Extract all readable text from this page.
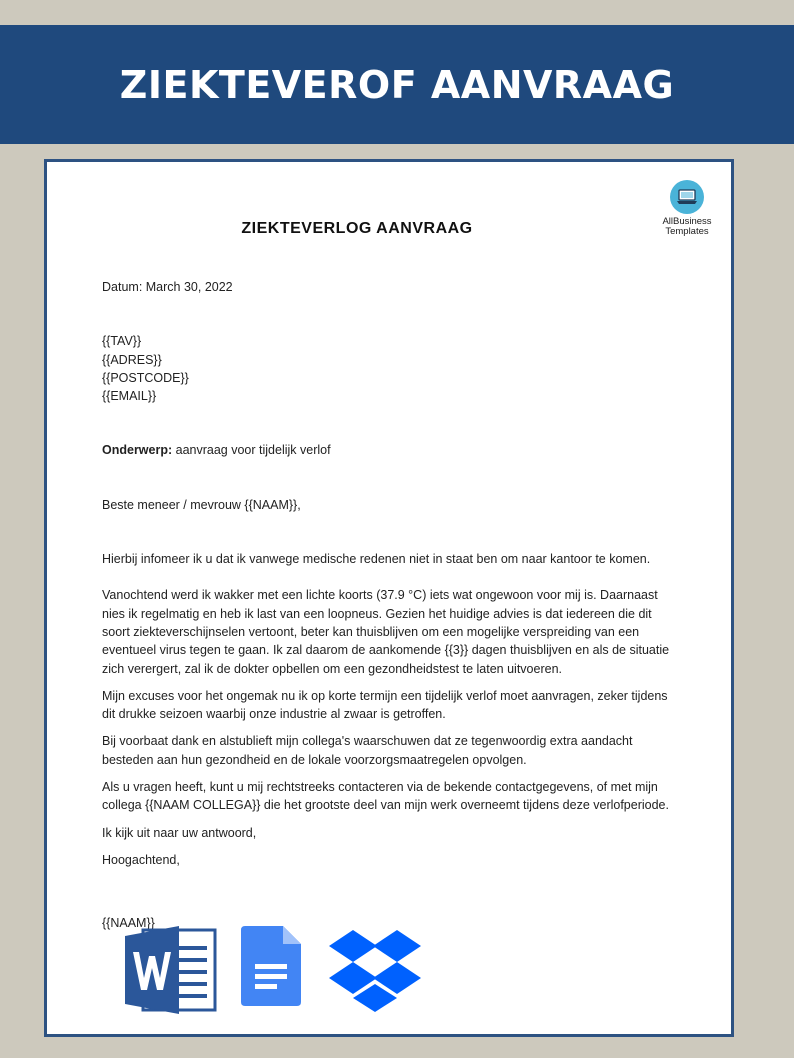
ZIEKTEVEROF AANVRAAG
AllBusiness
Templates
ZIEKTEVERLOG AANVRAAG

Datum: March 30, 2022

{{TAV}}

{{ADRES}}

{{POSTCODE}}

{{EMAIL}}

Onderwerp: aanvraag voor tijdelijk verlof

Beste meneer / mevrouw {{NAAM}},

Hierbij infomeer ik u dat ik vanwege medische redenen niet in staat ben om naar kantoor te komen.

Vanochtend werd ik wakker met een lichte koorts (37.9 °C) iets wat ongewoon voor mij is. Daarnaast nies ik regelmatig en heb ik last van een loopneus. Gezien het huidige advies is dat iedereen die dit soort ziekteverschijnselen vertoont, beter kan thuisblijven om een mogelijke verspreiding van een eventueel virus tegen te gaan. Ik zal daarom de aankomende {{3}} dagen thuisblijven en als de situatie zich verergert, zal ik de dokter opbellen om een gezondheidstest te laten uitvoeren.

Mijn excuses voor het ongemak nu ik op korte termijn een tijdelijk verlof moet aanvragen, zeker tijdens dit drukke seizoen waarbij onze industrie al zwaar is getroffen.

Bij voorbaat dank en alstublieft mijn collega's waarschuwen dat ze tegenwoordig extra aandacht besteden aan hun gezondheid en de lokale voorzorgsmaatregelen opvolgen.

Als u vragen heeft, kunt u mij rechtstreeks contacteren via de bekende contactgegevens, of met mijn collega {{NAAM COLLEGA}} die het grootste deel van mijn werk overneemt tijdens deze verlofperiode.

Ik kijk uit naar uw antwoord,

Hoogachtend,

{{NAAM}}
